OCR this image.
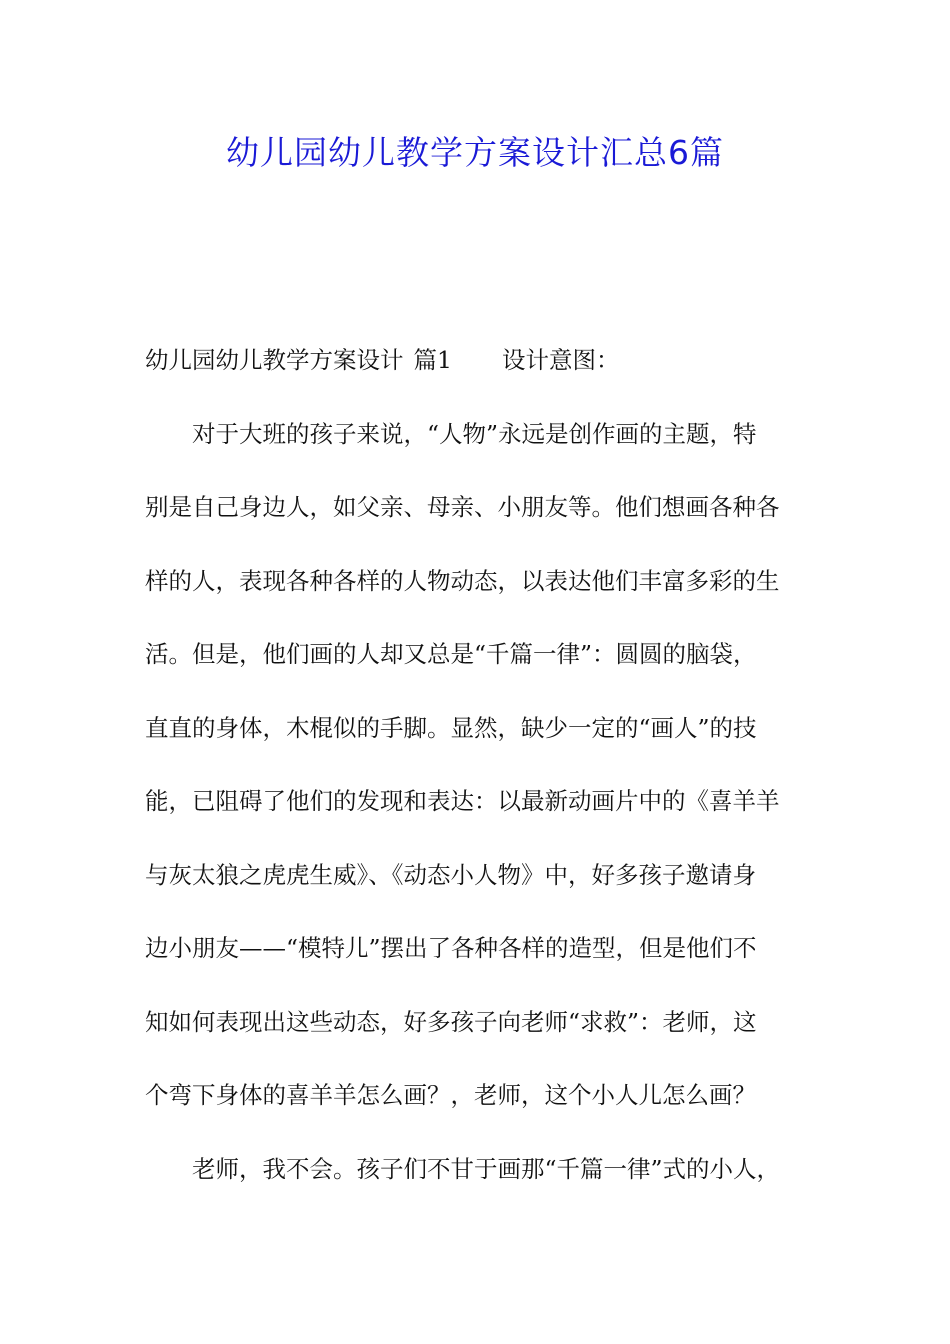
幼儿园幼儿教学方案设计汇总6篇
幼儿园幼儿教学方案设计 篇1 设计意图：
对于大班的孩子来说，“人物”永远是创作画的主题，特
别是自己身边人，如父亲、母亲、小朋友等。他们想画各种各
样的人，表现各种各样的人物动态，以表达他们丰富多彩的生
活。但是，他们画的人却又总是“千篇一律”：圆圆的脑袋，
直直的身体，木棍似的手脚。显然，缺少一定的“画人”的技
能，已阻碍了他们的发现和表达：以最新动画片中的《喜羊羊
与灰太狼之虎虎生威》、《动态小人物》中，好多孩子邀请身
边小朋友——“模特儿”摆出了各种各样的造型，但是他们不
知如何表现出这些动态，好多孩子向老师“求救”：老师，这
个弯下身体的喜羊羊怎么画？，老师，这个小人儿怎么画？
老师，我不会。孩子们不甘于画那“千篇一律”式的小人，
